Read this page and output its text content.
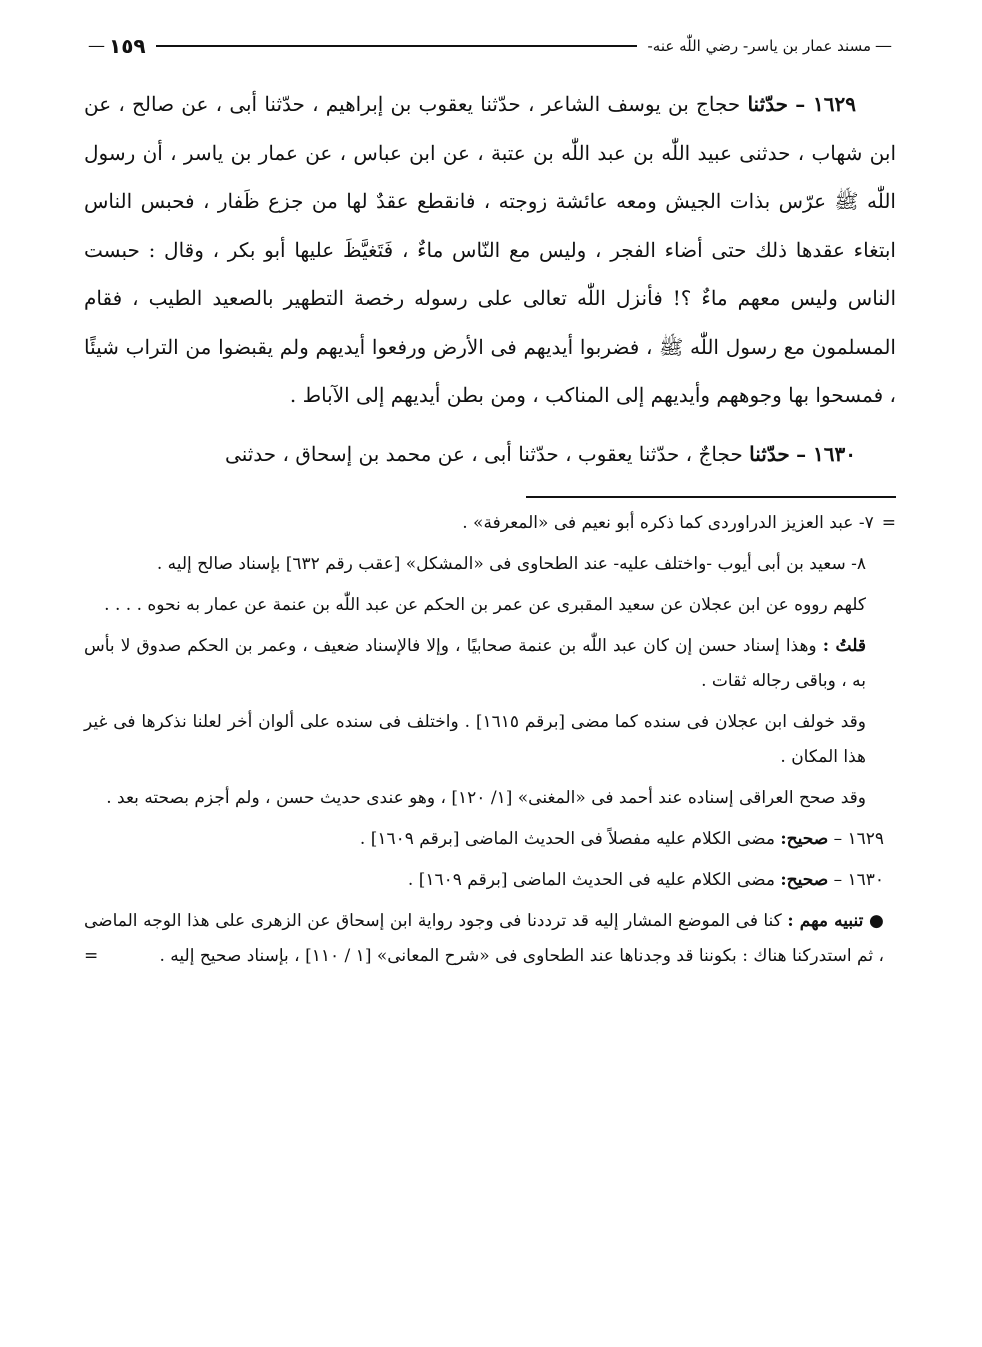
—
مسند عمار بن ياسر- رضي اللّٰه عنه-
١٥٩
—

١٦٢٩ – حدّثنا حجاج بن يوسف الشاعر ، حدّثنا يعقوب بن إبراهيم ، حدّثنا أبى ، عن صالح ، عن ابن شهاب ، حدثنى عبيد اللّٰه بن عبد اللّٰه بن عتبة ، عن ابن عباس ، عن عمار بن ياسر ، أن رسول اللّٰه ﷺ عرّس بذات الجيش ومعه عائشة زوجته ، فانقطع عقدٌ لها من جزع ظَفار ، فحبس الناس ابتغاء عقدها ذلك حتى أضاء الفجر ، وليس مع النّاس ماءٌ ، فَتَغيَّظَ عليها أبو بكر ، وقال : حبست الناس وليس معهم ماءٌ ؟! فأنزل اللّٰه تعالى على رسوله رخصة التطهير بالصعيد الطيب ، فقام المسلمون مع رسول اللّٰه ﷺ ، فضربوا أيديهم فى الأرض ورفعوا أيديهم ولم يقبضوا من التراب شيئًا ، فمسحوا بها وجوههم وأيديهم إلى المناكب ، ومن بطن أيديهم إلى الآباط .

١٦٣٠ – حدّثنا حجاجٌ ، حدّثنا يعقوب ، حدّثنا أبى ، عن محمد بن إسحاق ، حدثنى

=٧- عبد العزيز الدراوردى كما ذكره أبو نعيم فى «المعرفة» .

٨- سعيد بن أبى أيوب -واختلف عليه- عند الطحاوى فى «المشكل» [عقب رقم ٦٣٢] بإسناد صالح إليه .

كلهم رووه عن ابن عجلان عن سعيد المقبرى عن عمر بن الحكم عن عبد اللّٰه بن عنمة عن عمار به نحوه . . . .

قلتُ : وهذا إسناد حسن إن كان عبد اللّٰه بن عنمة صحابيًا ، وإلا فالإسناد ضعيف ، وعمر بن الحكم صدوق لا بأس به ، وباقى رجاله ثقات .

وقد خولف ابن عجلان فى سنده كما مضى [برقم ١٦١٥] . واختلف فى سنده على ألوان أخر لعلنا نذكرها فى غير هذا المكان .

وقد صحح العراقى إسناده عند أحمد فى «المغنى» [١/ ١٢٠] ، وهو عندى حديث حسن ، ولم أجزم بصحته بعد .

١٦٢٩ – صحيح: مضى الكلام عليه مفصلاً فى الحديث الماضى [برقم ١٦٠٩] .

١٦٣٠ – صحيح: مضى الكلام عليه فى الحديث الماضى [برقم ١٦٠٩] .

● تنبيه مهم : كنا فى الموضع المشار إليه قد ترددنا فى وجود رواية ابن إسحاق عن الزهرى على هذا الوجه الماضى ، ثم استدركنا هناك : بكوننا قد وجدناها عند الطحاوى فى «شرح المعانى» [١ / ١١٠] ، بإسناد صحيح إليه .
=
